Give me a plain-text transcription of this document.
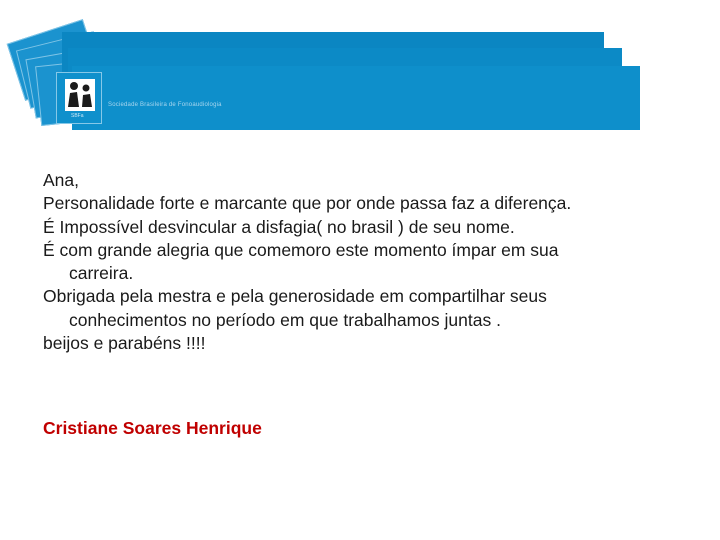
SBFa
Sociedade Brasileira de Fonoaudiologia
Ana,
Personalidade forte e marcante que por onde passa faz a diferença.
É Impossível desvincular a disfagia( no brasil ) de seu nome.
É com grande alegria que comemoro este momento ímpar em sua
carreira.
Obrigada pela mestra e pela generosidade em compartilhar seus
conhecimentos no período em que trabalhamos juntas .
beijos e parabéns !!!!
Cristiane Soares Henrique
